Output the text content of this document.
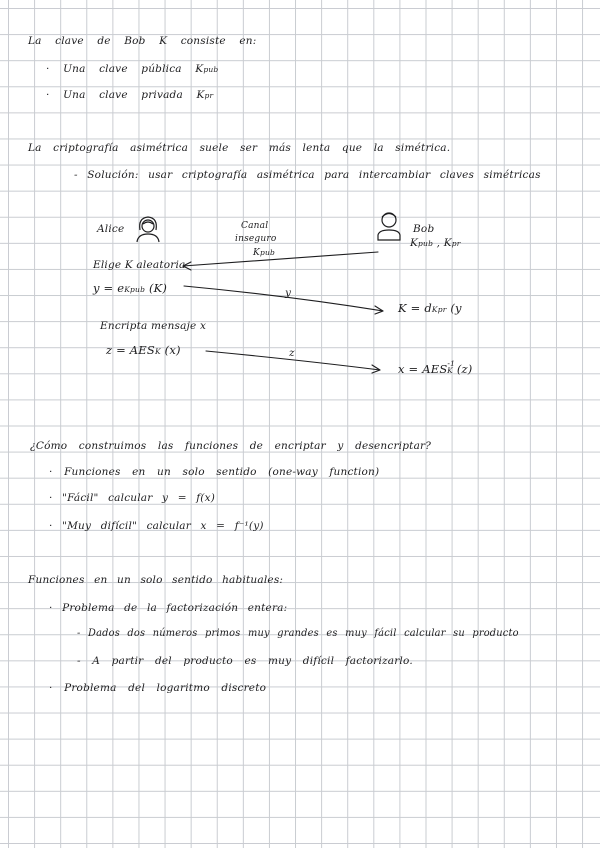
La clave de Bob K consiste en:
· Una clave pública Kpub
· Una clave privada Kpr
La criptografía asimétrica suele ser más lenta que la simétrica.
- Solución: usar criptografía asimétrica para intercambiar claves simétricas
Alice	Canal
inseguro
Kpub
Bob
Kpub , Kpr
Elige K aleatoria
y = eKpub (K)	y
K = dKpr (y
Encripta mensaje x
z = AESK (x)	z
$x = AES^{-1}K$ (z)
¿Cómo construimos las funciones de encriptar y desencriptar?
· Funciones en un solo sentido (one-way function)
· "Fácil" calcular y = f(x)
· "Muy difícil" calcular x = f⁻¹(y)
Funciones en un solo sentido habituales:
· Problema de la factorización entera:
- Dados dos números primos muy grandes es muy fácil calcular su producto
- A partir del producto es muy difícil factorizarlo.
· Problema del logaritmo discreto
